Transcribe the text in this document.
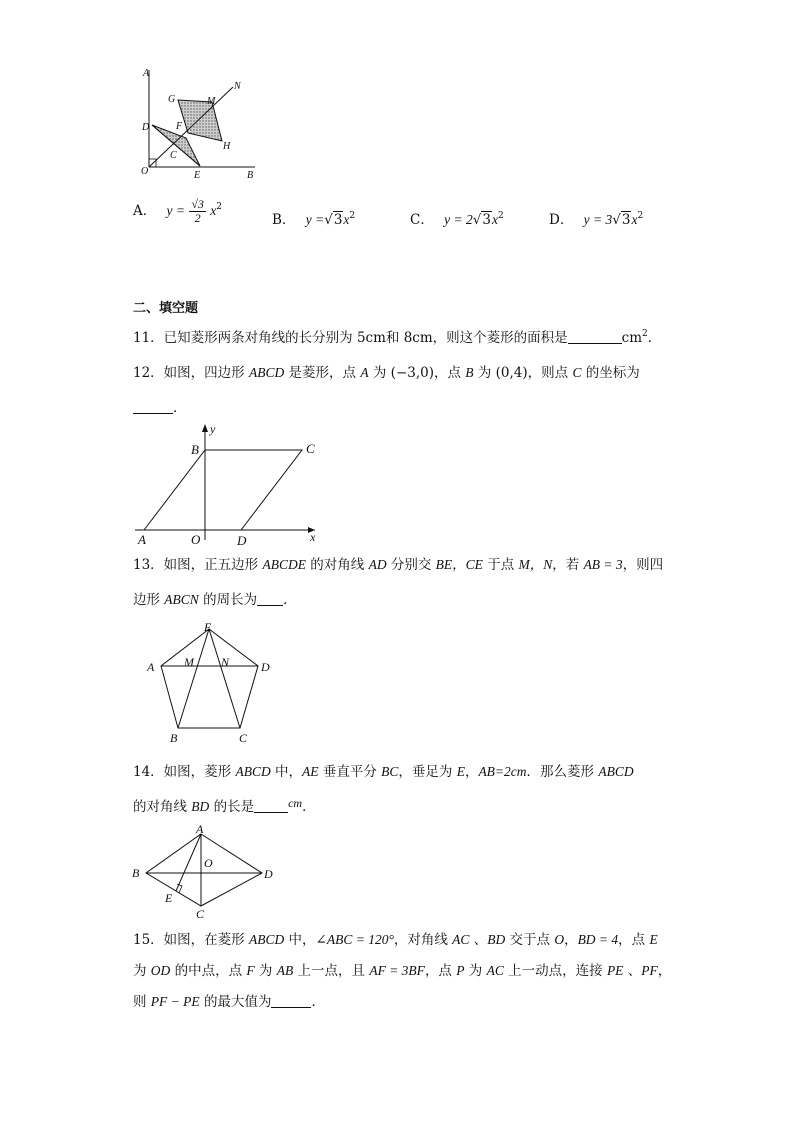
A
G	M
N
D	F
C
H
O	E	B
A． $y = \frac{√3}{2} x^2$
B． $y =√3x^2$	C． $y = 2√3x^2$	D． $y = 3√3x^2$
二、填空题
11．已知菱形两条对角线的长分别为 5cm和 8cm，则这个菱形的面积是	$cm^2$．
12．如图，四边形 ABCD 是菱形，点 A 为 (−3,0)，点 B 为 (0,4)，则点 C 的坐标为
．
y
B	C
A	O	D	x
13．如图，正五边形 ABCDE 的对角线 AD 分别交 BE，CE 于点 M，N，若 AB = 3，则四
边形 ABCN 的周长为 ．
E
A M N	D
B	C
14．如图，菱形 ABCD 中，AE 垂直平分 BC，垂足为 E，AB=2cm．那么菱形 ABCD
的对角线 BD 的长是	cm．
A
B
O
D
E
C
15．如图，在菱形 ABCD 中，∠ABC = 120°，对角线 AC 、BD 交于点 O，BD = 4，点 E
为 OD 的中点，点 F 为 AB 上一点，且 AF = 3BF，点 P 为 AC 上一动点，连接 PE 、PF，
则 PF − PE 的最大值为	．
